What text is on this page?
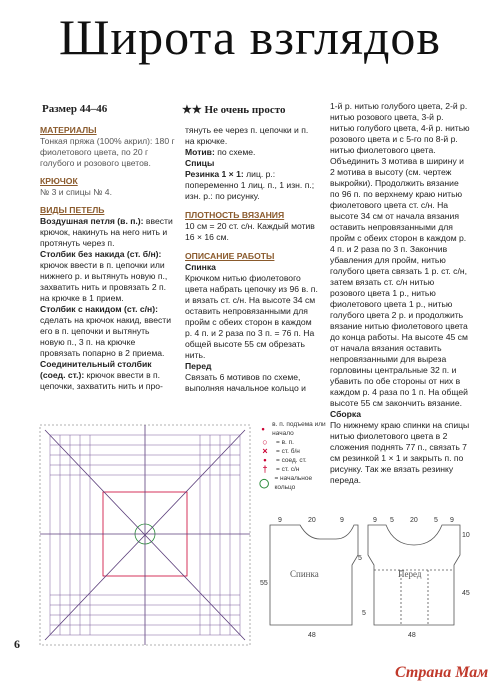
Широта взглядов
Размер 44–46	★★ Не очень просто

МАТЕРИАЛЫ

Тонкая пряжа (100% акрил): 180 г фиолетового цвета, по 20 г голубого и розового цветов.

КРЮЧОК

№ 3 и спицы № 4.

ВИДЫ ПЕТЕЛЬ

Воздушная петля (в. п.): ввести крючок, накинуть на него нить и протянуть через п.

Столбик без накида (ст. б/н): крючок ввести в п. цепочки или нижнего р. и вытянуть новую п., захватить нить и провязать 2 п. на крючке в 1 прием.

Столбик с накидом (ст. с/н): сделать на крючок накид, ввести его в п. цепочки и вытянуть новую п., 3 п. на крючке провязать попарно в 2 приема.

Соединительный столбик (соед. ст.): крючок ввести в п. цепочки, захватить нить и про-

тянуть ее через п. цепочки и п. на крючке.

Мотив: по схеме.

Спицы

Резинка 1 × 1: лиц. р.: попеременно 1 лиц. п., 1 изн. п.; изн. р.: по рисунку.

ПЛОТНОСТЬ ВЯЗАНИЯ

10 см = 20 ст. с/н. Каждый мотив 16 × 16 см.

ОПИСАНИЕ РАБОТЫ

Спинка

Крючком нитью фиолетового цвета набрать цепочку из 96 в. п. и вязать ст. с/н. На высоте 34 см оставить непровязанными для пройм с обеих сторон в каждом р. 4 п. и 2 раза по 3 п. = 76 п. На общей высоте 55 см обрезать нить.

Перед

Связать 6 мотивов по схеме, выполняя начальное кольцо и

1-й р. нитью голубого цвета, 2-й р. нитью розового цвета, 3-й р. нитью голубого цвета, 4-й р. нитью розового цвета и с 5-го по 8-й р. нитью фиолетового цвета. Объединить 3 мотива в ширину и 2 мотива в высоту (см. чертеж выкройки). Продолжить вязание по 96 п. по верхнему краю нитью фиолетового цвета ст. с/н. На высоте 34 см от начала вязания оставить непровязанными для пройм с обеих сторон в каждом р. 4 п. и 2 раза по 3 п. Закончив убавления для пройм, нитью голубого цвета связать 1 р. ст. с/н, затем вязать ст. с/н нитью розового цвета 1 р., нитью фиолетового цвета 1 р., нитью голубого цвета 2 р. и продолжить вязание нитью фиолетового цвета до конца работы. На высоте 45 см от начала вязания оставить непровязанными для выреза горловины центральные 32 п. и убавить по обе стороны от них в каждом р. 4 раза по 1 п. На общей высоте 55 см закончить вязание.

Сборка

По нижнему краю спинки на спицы нитью фиолетового цвета в 2 сложения поднять 77 п., связать 7 см резинкой 1 × 1 и закрыть п. по рисунку. Так же вязать резинку переда.

•	в. п. подъема или начало
○	= в. п.
×	= ст. б/н
•	= соед. ст.
†	= ст. с/н
◯ = начальное кольцо
Спинка	Перед
9	20	9	9 5 20 5 9
10
45
55
48	48
5
5
6
Страна Мам
